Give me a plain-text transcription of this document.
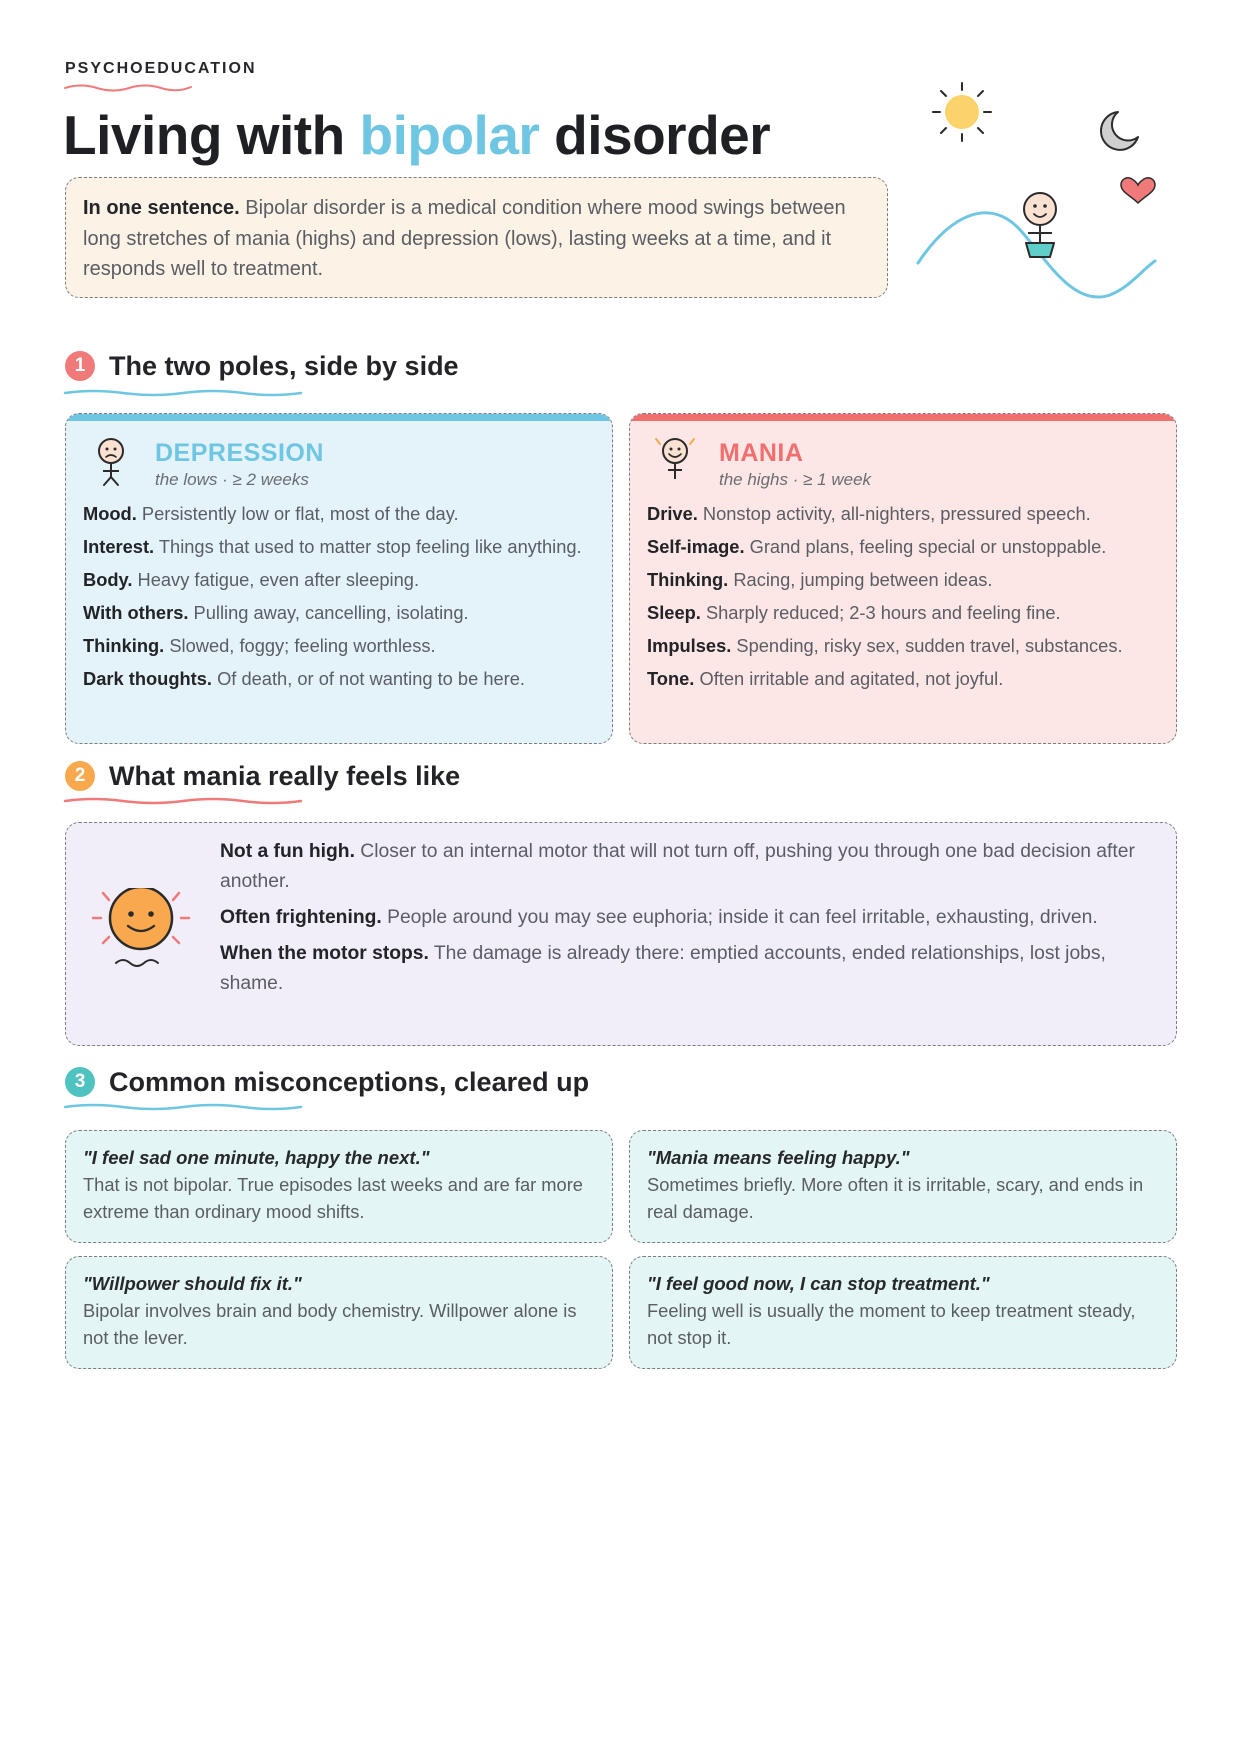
PSYCHOEDUCATION
Living with bipolar disorder
In one sentence. Bipolar disorder is a medical condition where mood swings between long stretches of mania (highs) and depression (lows), lasting weeks at a time, and it responds well to treatment.
1 The two poles, side by side
DEPRESSION
the lows · ≥ 2 weeks
Mood. Persistently low or flat, most of the day.
Interest. Things that used to matter stop feeling like anything.
Body. Heavy fatigue, even after sleeping.
With others. Pulling away, cancelling, isolating.
Thinking. Slowed, foggy; feeling worthless.
Dark thoughts. Of death, or of not wanting to be here.
MANIA
the highs · ≥ 1 week
Drive. Nonstop activity, all-nighters, pressured speech.
Self-image. Grand plans, feeling special or unstoppable.
Thinking. Racing, jumping between ideas.
Sleep. Sharply reduced; 2-3 hours and feeling fine.
Impulses. Spending, risky sex, sudden travel, substances.
Tone. Often irritable and agitated, not joyful.
2 What mania really feels like
Not a fun high. Closer to an internal motor that will not turn off, pushing you through one bad decision after another.
Often frightening. People around you may see euphoria; inside it can feel irritable, exhausting, driven.
When the motor stops. The damage is already there: emptied accounts, ended relationships, lost jobs, shame.
3 Common misconceptions, cleared up
"I feel sad one minute, happy the next."
That is not bipolar. True episodes last weeks and are far more extreme than ordinary mood shifts.
"Mania means feeling happy."
Sometimes briefly. More often it is irritable, scary, and ends in real damage.
"Willpower should fix it."
Bipolar involves brain and body chemistry. Willpower alone is not the lever.
"I feel good now, I can stop treatment."
Feeling well is usually the moment to keep treatment steady, not stop it.
